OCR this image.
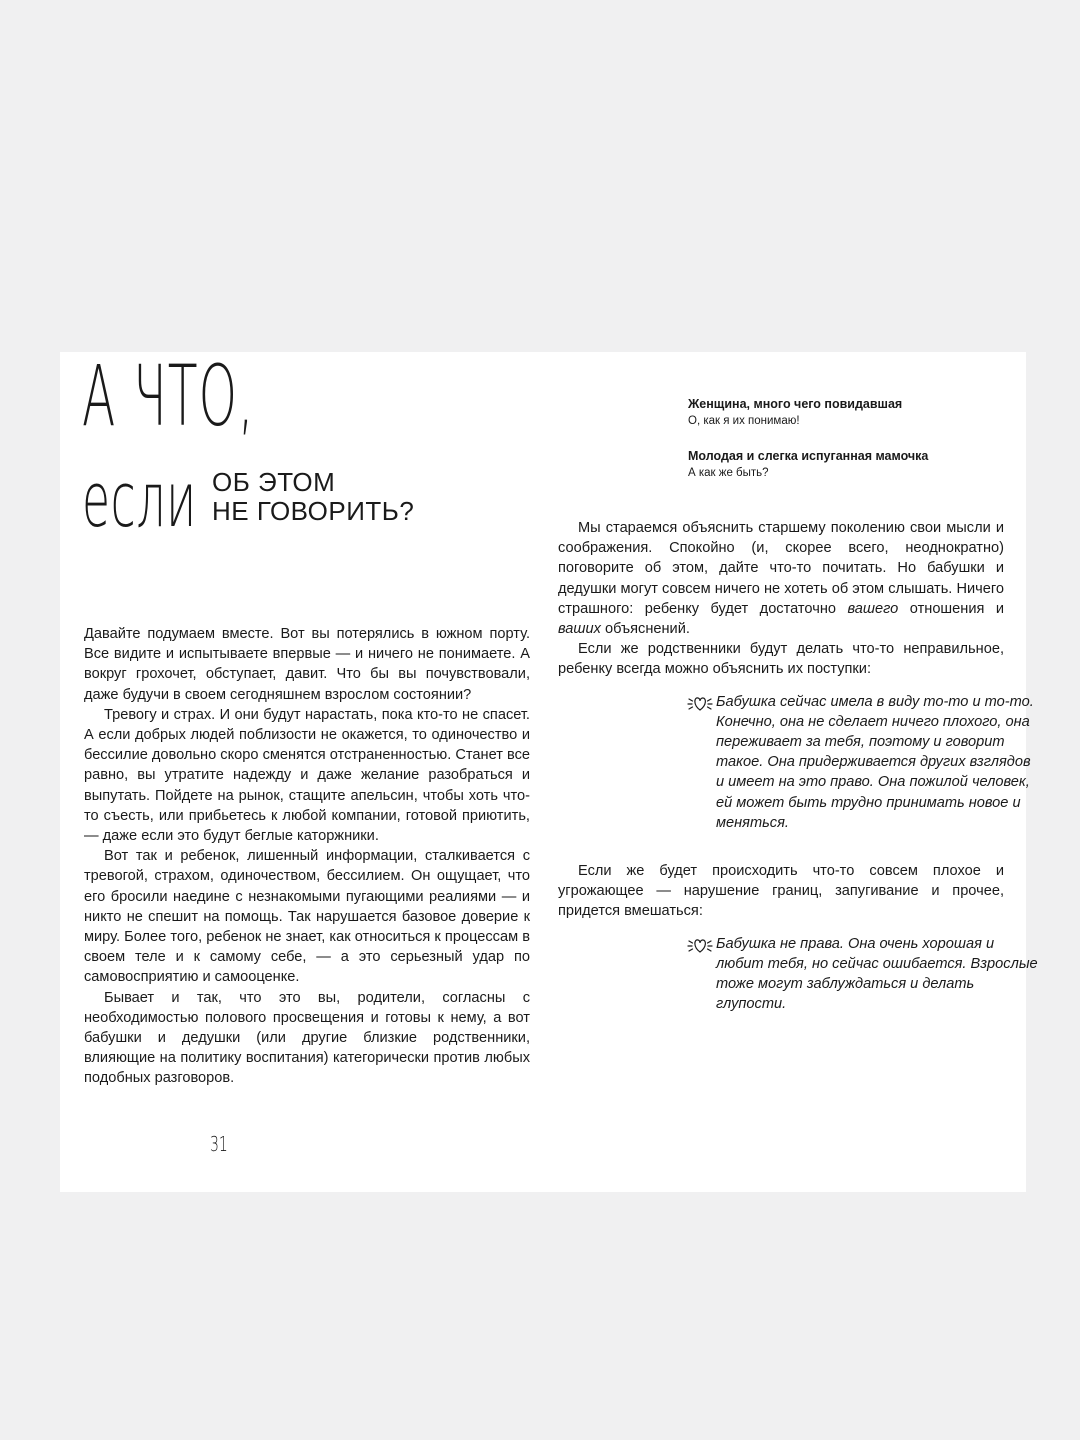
А ЧТО,
если ОБ ЭТОМ
НЕ ГОВОРИТЬ?

Давайте подумаем вместе. Вот вы потерялись в южном порту. Все видите и испытываете впервые — и ничего не понимаете. А вокруг грохочет, обступает, давит. Что бы вы почувствовали, даже будучи в своем сегодняшнем взрослом состоянии?

Тревогу и страх. И они будут нарастать, пока кто-то не спасет. А если добрых людей поблизости не окажется, то одиночество и бессилие довольно скоро сменятся отстраненностью. Станет все равно, вы утратите надежду и даже желание разобраться и выпутать. Пойдете на рынок, стащите апельсин, чтобы хоть что-то съесть, или прибьетесь к любой компании, готовой приютить, — даже если это будут беглые каторжники.

Вот так и ребенок, лишенный информации, сталкивается с тревогой, страхом, одиночеством, бессилием. Он ощущает, что его бросили наедине с незнакомыми пугающими реалиями — и никто не спешит на помощь. Так нарушается базовое доверие к миру. Более того, ребенок не знает, как относиться к процессам в своем теле и к самому себе, — а это серьезный удар по самовосприятию и самооценке.

Бывает и так, что это вы, родители, согласны с необходимостью полового просвещения и готовы к нему, а вот бабушки и дедушки (или другие близкие родственники, влияющие на политику воспитания) категорически против любых подобных разговоров.

31
Женщина, много чего повидавшая
О, как я их понимаю!
Молодая и слегка испуганная мамочка
А как же быть?

Мы стараемся объяснить старшему поколению свои мысли и соображения. Спокойно (и, скорее всего, неоднократно) поговорите об этом, дайте что-то почитать. Но бабушки и дедушки могут совсем ничего не хотеть об этом слышать. Ничего страшного: ребенку будет достаточно вашего отношения и ваших объяснений.

Если же родственники будут делать что-то неправильное, ребенку всегда можно объяснить их поступки:

Бабушка сейчас имела в виду то-то и то-то. Конечно, она не сделает ничего плохого, она переживает за тебя, поэтому и говорит такое. Она придерживается других взглядов и имеет на это право. Она пожилой человек, ей может быть трудно принимать новое и меняться.

Если же будет происходить что-то совсем плохое и угрожающее — нарушение границ, запугивание и прочее, придется вмешаться:

Бабушка не права. Она очень хорошая и любит тебя, но сейчас ошибается. Взрослые тоже могут заблуждаться и делать глупости.
